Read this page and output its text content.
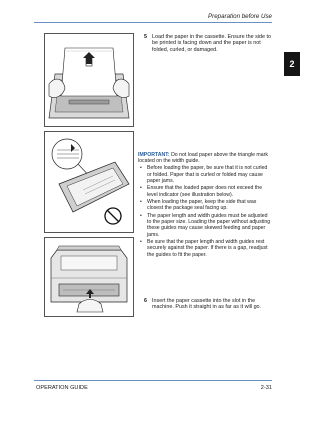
Preparation before Use
2
5 Load the paper in the cassette. Ensure the side to be printed is facing down and the paper is not folded, curled, or damaged.
IMPORTANT: Do not load paper above the triangle mark located on the width guide.
• Before loading the paper, be sure that it is not curled or folded. Paper that is curled or folded may cause paper jams.
• Ensure that the loaded paper does not exceed the level indicator (see illustration below).
• When loading the paper, keep the side that was closest the package seal facing up.
• The paper length and width guides must be adjusted to the paper size. Loading the paper without adjusting these guides may cause skewed feeding and paper jams.
• Be sure that the paper length and width guides rest securely against the paper. If there is a gap, readjust the guides to fit the paper.
6 Insert the paper cassette into the slot in the machine. Push it straight in as far as it will go.
OPERATION GUIDE	2-31
